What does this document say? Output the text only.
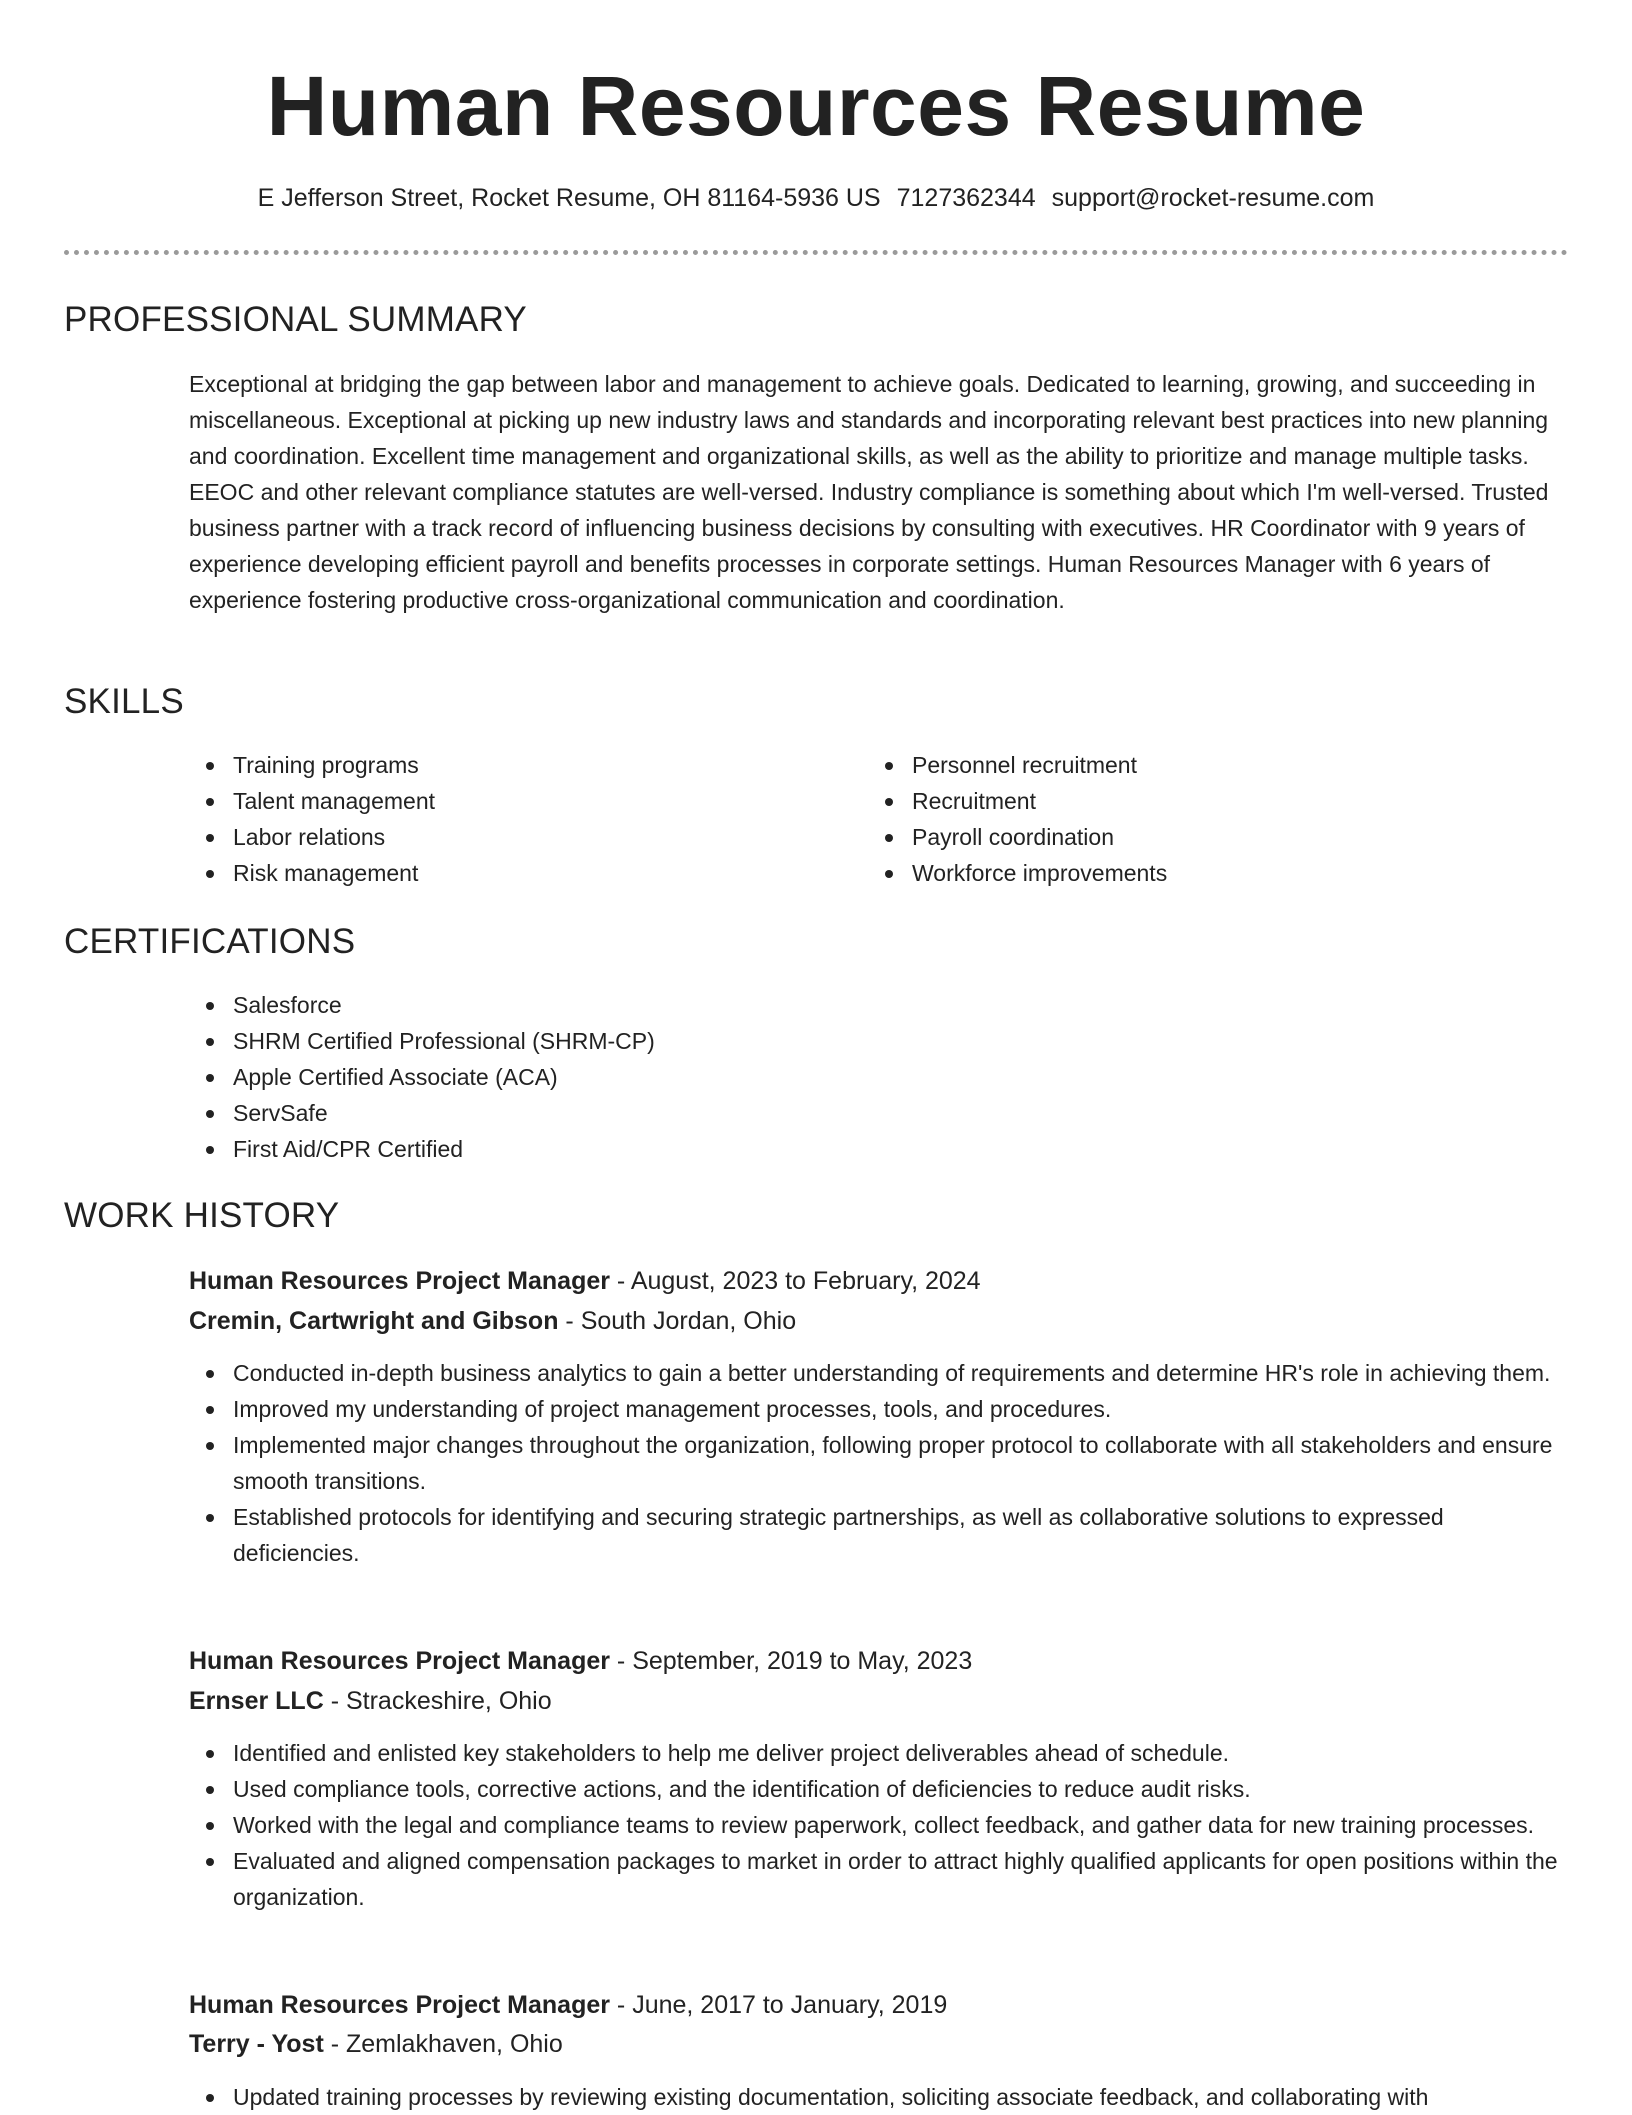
Human Resources Resume
E Jefferson Street, Rocket Resume, OH 81164-5936 US 7127362344 support@rocket-resume.com
PROFESSIONAL SUMMARY

Exceptional at bridging the gap between labor and management to achieve goals. Dedicated to learning, growing, and succeeding in miscellaneous. Exceptional at picking up new industry laws and standards and incorporating relevant best practices into new planning and coordination. Excellent time management and organizational skills, as well as the ability to prioritize and manage multiple tasks. EEOC and other relevant compliance statutes are well-versed. Industry compliance is something about which I'm well-versed. Trusted business partner with a track record of influencing business decisions by consulting with executives. HR Coordinator with 9 years of experience developing efficient payroll and benefits processes in corporate settings. Human Resources Manager with 6 years of experience fostering productive cross-organizational communication and coordination.

SKILLS
Training programs
Talent management
Labor relations
Risk management
Personnel recruitment
Recruitment
Payroll coordination
Workforce improvements
CERTIFICATIONS
Salesforce
SHRM Certified Professional (SHRM-CP)
Apple Certified Associate (ACA)
ServSafe
First Aid/CPR Certified
WORK HISTORY
Human Resources Project Manager - August, 2023 to February, 2024
Cremin, Cartwright and Gibson - South Jordan, Ohio
Conducted in-depth business analytics to gain a better understanding of requirements and determine HR's role in achieving them.
Improved my understanding of project management processes, tools, and procedures.
Implemented major changes throughout the organization, following proper protocol to collaborate with all stakeholders and ensure smooth transitions.
Established protocols for identifying and securing strategic partnerships, as well as collaborative solutions to expressed deficiencies.
Human Resources Project Manager - September, 2019 to May, 2023
Ernser LLC - Strackeshire, Ohio
Identified and enlisted key stakeholders to help me deliver project deliverables ahead of schedule.
Used compliance tools, corrective actions, and the identification of deficiencies to reduce audit risks.
Worked with the legal and compliance teams to review paperwork, collect feedback, and gather data for new training processes.
Evaluated and aligned compensation packages to market in order to attract highly qualified applicants for open positions within the organization.
Human Resources Project Manager - June, 2017 to January, 2019
Terry - Yost - Zemlakhaven, Ohio
Updated training processes by reviewing existing documentation, soliciting associate feedback, and collaborating with
